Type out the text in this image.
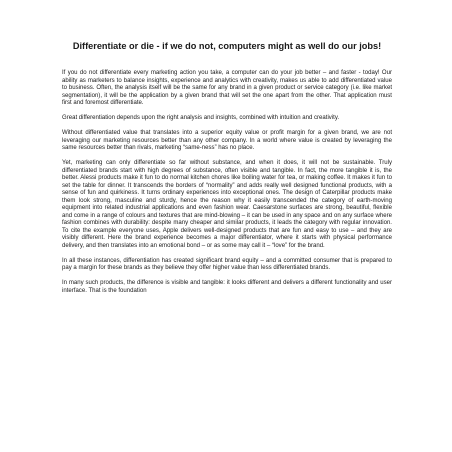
Differentiate or die - if we do not, computers might as well do our jobs!

If you do not differentiate every marketing action you take, a computer can do your job better – and faster - today! Our ability as marketers to balance insights, experience and analytics with creativity, makes us able to add differentiated value to business. Often, the analysis itself will be the same for any brand in a given product or service category (i.e. like market segmentation), it will be the application by a given brand that will set the one apart from the other. That application must first and foremost differentiate.

Great differentiation depends upon the right analysis and insights, combined with intuition and creativity.

Without differentiated value that translates into a superior equity value or profit margin for a given brand, we are not leveraging our marketing resources better than any other company. In a world where value is created by leveraging the same resources better than rivals, marketing “same-ness” has no place.

Yet, marketing can only differentiate so far without substance, and when it does, it will not be sustainable. Truly differentiated brands start with high degrees of substance, often visible and tangible. In fact, the more tangible it is, the better. Alessi products make it fun to do normal kitchen chores like boiling water for tea, or making coffee. It makes it fun to set the table for dinner. It transcends the borders of “normality” and adds really well designed functional products, with a sense of fun and quirkiness. It turns ordinary experiences into exceptional ones. The design of Caterpillar products make them look strong, masculine and sturdy, hence the reason why it easily transcended the category of earth-moving equipment into related industrial applications and even fashion wear. Caesarstone surfaces are strong, beautiful, flexible and come in a range of colours and textures that are mind-blowing – it can be used in any space and on any surface where fashion combines with durability: despite many cheaper and similar products, it leads the category with regular innovation. To cite the example everyone uses, Apple delivers well-designed products that are fun and easy to use – and they are visibly different. Here the brand experience becomes a major differentiator, where it starts with physical performance delivery, and then translates into an emotional bond – or as some may call it – “love” for the brand.

In all these instances, differentiation has created significant brand equity – and a committed consumer that is prepared to pay a margin for these brands as they believe they offer higher value than less differentiated brands.

In many such products, the difference is visible and tangible: it looks different and delivers a different functionality and user interface. That is the foundation
